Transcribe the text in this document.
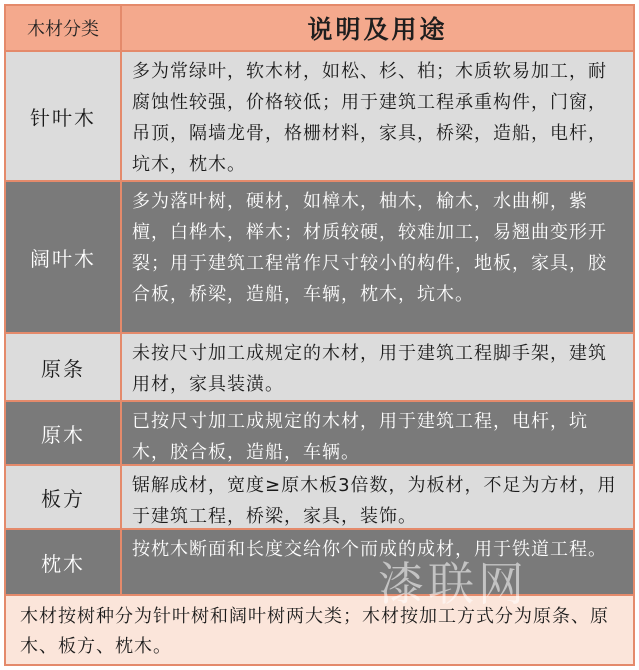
木材分类	说明及用途
针叶木
多为常绿叶，软木材，如松、杉、柏；木质软易加工，耐腐蚀性较强，价格较低；用于建筑工程承重构件，门窗，吊顶，隔墙龙骨，格栅材料，家具，桥梁，造船，电杆，坑木，枕木。
阔叶木
多为落叶树，硬材，如樟木，柚木，榆木，水曲柳，紫檀，白桦木，榉木；材质较硬，较难加工，易翘曲变形开裂；用于建筑工程常作尺寸较小的构件，地板，家具，胶合板，桥梁，造船，车辆，枕木，坑木。
原条
未按尺寸加工成规定的木材，用于建筑工程脚手架，建筑用材，家具装潢。
原木
已按尺寸加工成规定的木材，用于建筑工程，电杆，坑木，胶合板，造船，车辆。
板方
锯解成材，宽度≥原木板3倍数，为板材，不足为方材，用于建筑工程，桥梁，家具，装饰。
枕木
按枕木断面和长度交给你个而成的成材，用于铁道工程。
木材按树种分为针叶树和阔叶树两大类；木材按加工方式分为原条、原木、板方、枕木。
漆联网
